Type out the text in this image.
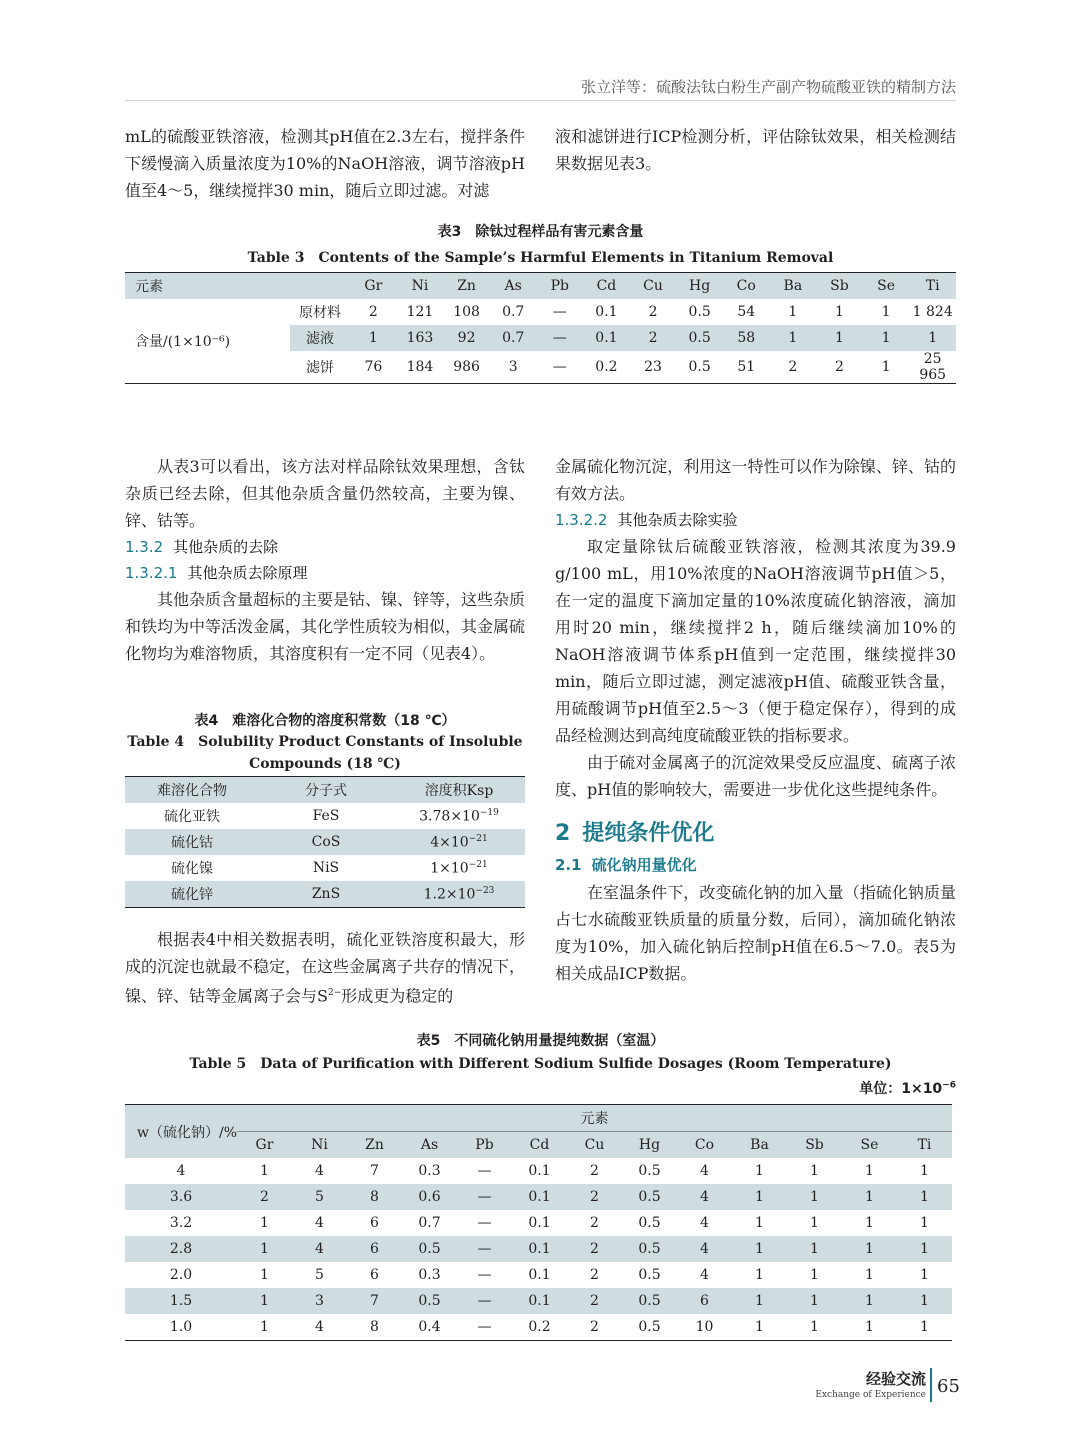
张立洋等：硫酸法钛白粉生产副产物硫酸亚铁的精制方法

mL的硫酸亚铁溶液，检测其pH值在2.3左右，搅拌条件下缓慢滴入质量浓度为10%的NaOH溶液，调节溶液pH值至4～5，继续搅拌30 min，随后立即过滤。对滤

液和滤饼进行ICP检测分析，评估除钛效果，相关检测结果数据见表3。

表3　除钛过程样品有害元素含量
Table 3　Contents of the Sample’s Harmful Elements in Titanium Removal
元素		Gr	Ni	Zn	As	Pb	Cd	Cu	Hg	Co	Ba	Sb	Se	Ti
含量/(1×10⁻⁶)	原材料	2	121	108	0.7	—	0.1	2	0.5	54	1	1	1	1 824
	滤液	1	163	92	0.7	—	0.1	2	0.5	58	1	1	1	1
	滤饼	76	184	986	3	—	0.2	23	0.5	51	2	2	1	25 965

从表3可以看出，该方法对样品除钛效果理想，含钛杂质已经去除，但其他杂质含量仍然较高，主要为镍、锌、钴等。

1.3.2 其他杂质的去除
1.3.2.1 其他杂质去除原理

其他杂质含量超标的主要是钴、镍、锌等，这些杂质和铁均为中等活泼金属，其化学性质较为相似，其金属硫化物均为难溶物质，其溶度积有一定不同（见表4）。

表4　难溶化合物的溶度积常数（18 ℃）
Table 4　Solubility Product Constants of Insoluble
Compounds (18 ℃)
难溶化合物	分子式	溶度积Ksp
硫化亚铁	FeS	$3.78\times 10^{-19}$
硫化钴	CoS	$4\times 10^{-21}$
硫化镍	NiS	$1\times 10^{-21}$
硫化锌	ZnS	$1.2\times 10^{-23}$

根据表4中相关数据表明，硫化亚铁溶度积最大，形成的沉淀也就最不稳定，在这些金属离子共存的情况下，镍、锌、钴等金属离子会与$S^{2-}$形成更为稳定的

金属硫化物沉淀，利用这一特性可以作为除镍、锌、钴的有效方法。

1.3.2.2 其他杂质去除实验

取定量除钛后硫酸亚铁溶液，检测其浓度为39.9 g/100 mL，用10%浓度的NaOH溶液调节pH值＞5，在一定的温度下滴加定量的10%浓度硫化钠溶液，滴加用时20 min，继续搅拌2 h，随后继续滴加10%的NaOH溶液调节体系pH值到一定范围，继续搅拌30 min，随后立即过滤，测定滤液pH值、硫酸亚铁含量，用硫酸调节pH值至2.5～3（便于稳定保存），得到的成品经检测达到高纯度硫酸亚铁的指标要求。

由于硫对金属离子的沉淀效果受反应温度、硫离子浓度、pH值的影响较大，需要进一步优化这些提纯条件。

2 提纯条件优化
2.1 硫化钠用量优化

在室温条件下，改变硫化钠的加入量（指硫化钠质量占七水硫酸亚铁质量的质量分数，后同），滴加硫化钠浓度为10%，加入硫化钠后控制pH值在6.5～7.0。表5为相关成品ICP数据。

表5　不同硫化钠用量提纯数据（室温）
Table 5　Data of Purification with Different Sodium Sulfide Dosages (Room Temperature)
单位：$1\times 10^{-6}$
w（硫化钠）/%	元素												
	Gr	Ni	Zn	As	Pb	Cd	Cu	Hg	Co	Ba	Sb	Se	Ti
4	1	4	7	0.3	—	0.1	2	0.5	4	1	1	1	1
3.6	2	5	8	0.6	—	0.1	2	0.5	4	1	1	1	1
3.2	1	4	6	0.7	—	0.1	2	0.5	4	1	1	1	1
2.8	1	4	6	0.5	—	0.1	2	0.5	4	1	1	1	1
2.0	1	5	6	0.3	—	0.1	2	0.5	4	1	1	1	1
1.5	1	3	7	0.5	—	0.1	2	0.5	6	1	1	1	1
1.0	1	4	8	0.4	—	0.2	2	0.5	10	1	1	1	1
经验交流
Exchange of Experience 65
